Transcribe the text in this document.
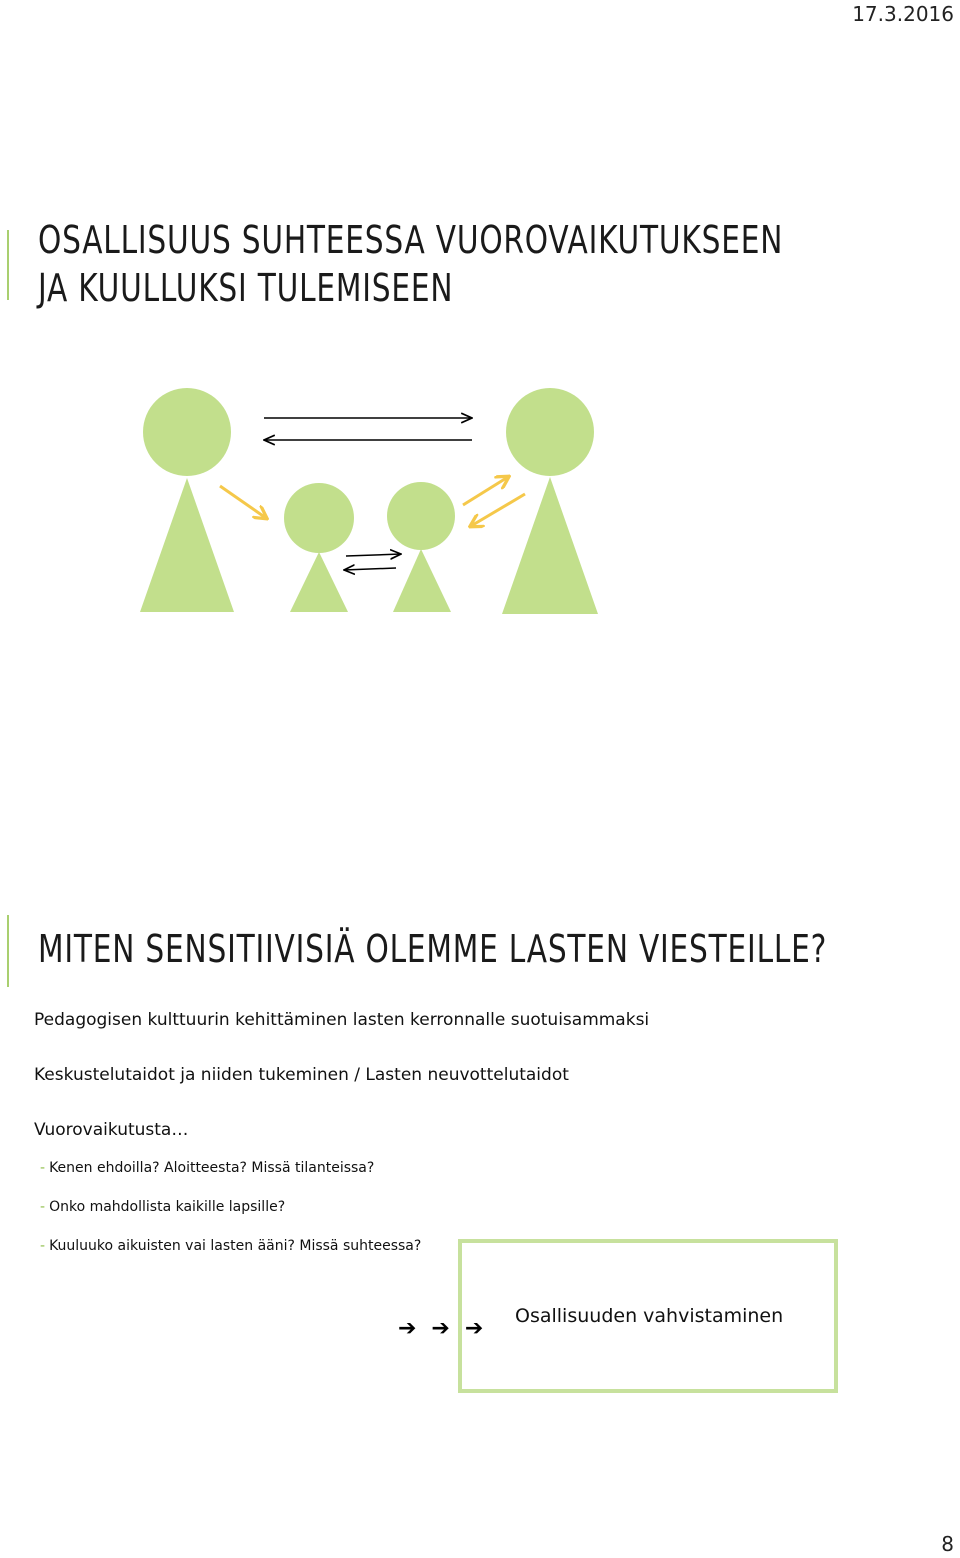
17.3.2016
OSALLISUUS SUHTEESSA VUOROVAIKUTUKSEEN
JA KUULLUKSI TULEMISEEN
MITEN SENSITIIVISIÄ OLEMME LASTEN VIESTEILLE?
Pedagogisen kulttuurin kehittäminen lasten kerronnalle suotuisammaksi
Keskustelutaidot ja niiden tukeminen / Lasten neuvottelutaidot
Vuorovaikutusta…
- Kenen ehdoilla? Aloitteesta? Missä tilanteissa?
- Onko mahdollista kaikille lapsille?
- Kuuluuko aikuisten vai lasten ääni? Missä suhteessa?
➔ ➔ ➔ Osallisuuden vahvistaminen
8
